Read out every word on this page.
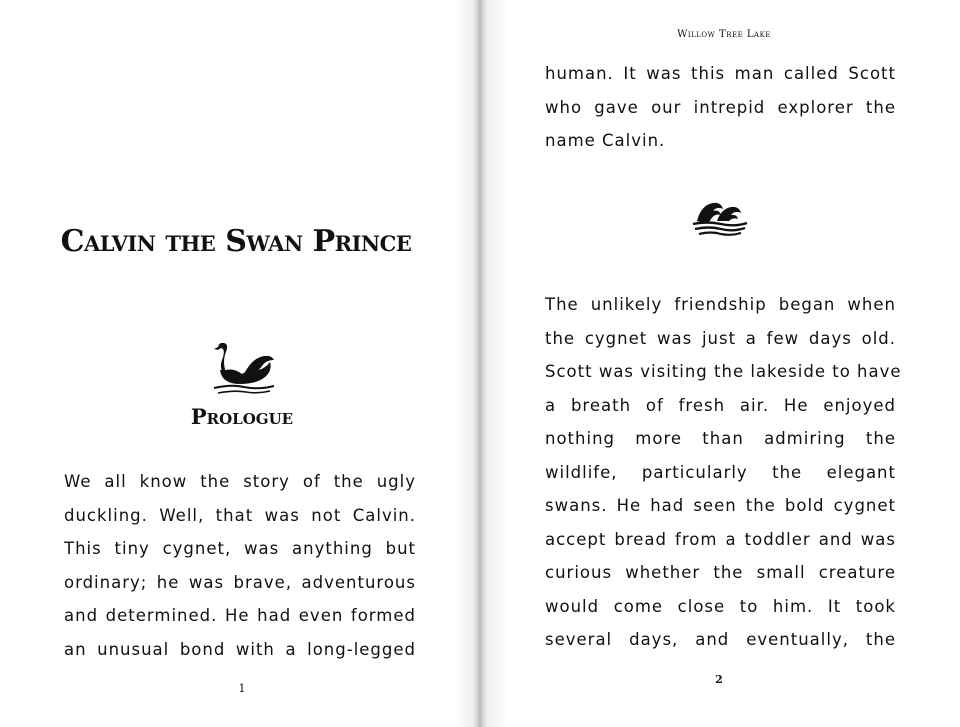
Calvin the Swan Prince
Prologue
We all know the story of the ugly
duckling. Well, that was not Calvin.
This tiny cygnet, was anything but
ordinary; he was brave, adventurous
and determined. He had even formed
an unusual bond with a long-legged
1
Willow Tree Lake
human. It was this man called Scott
who gave our intrepid explorer the
name Calvin.
The unlikely friendship began when
the cygnet was just a few days old.
Scott was visiting the lakeside to have
a breath of fresh air. He enjoyed
nothing more than admiring the
wildlife, particularly the elegant
swans. He had seen the bold cygnet
accept bread from a toddler and was
curious whether the small creature
would come close to him. It took
several days, and eventually, the
2
